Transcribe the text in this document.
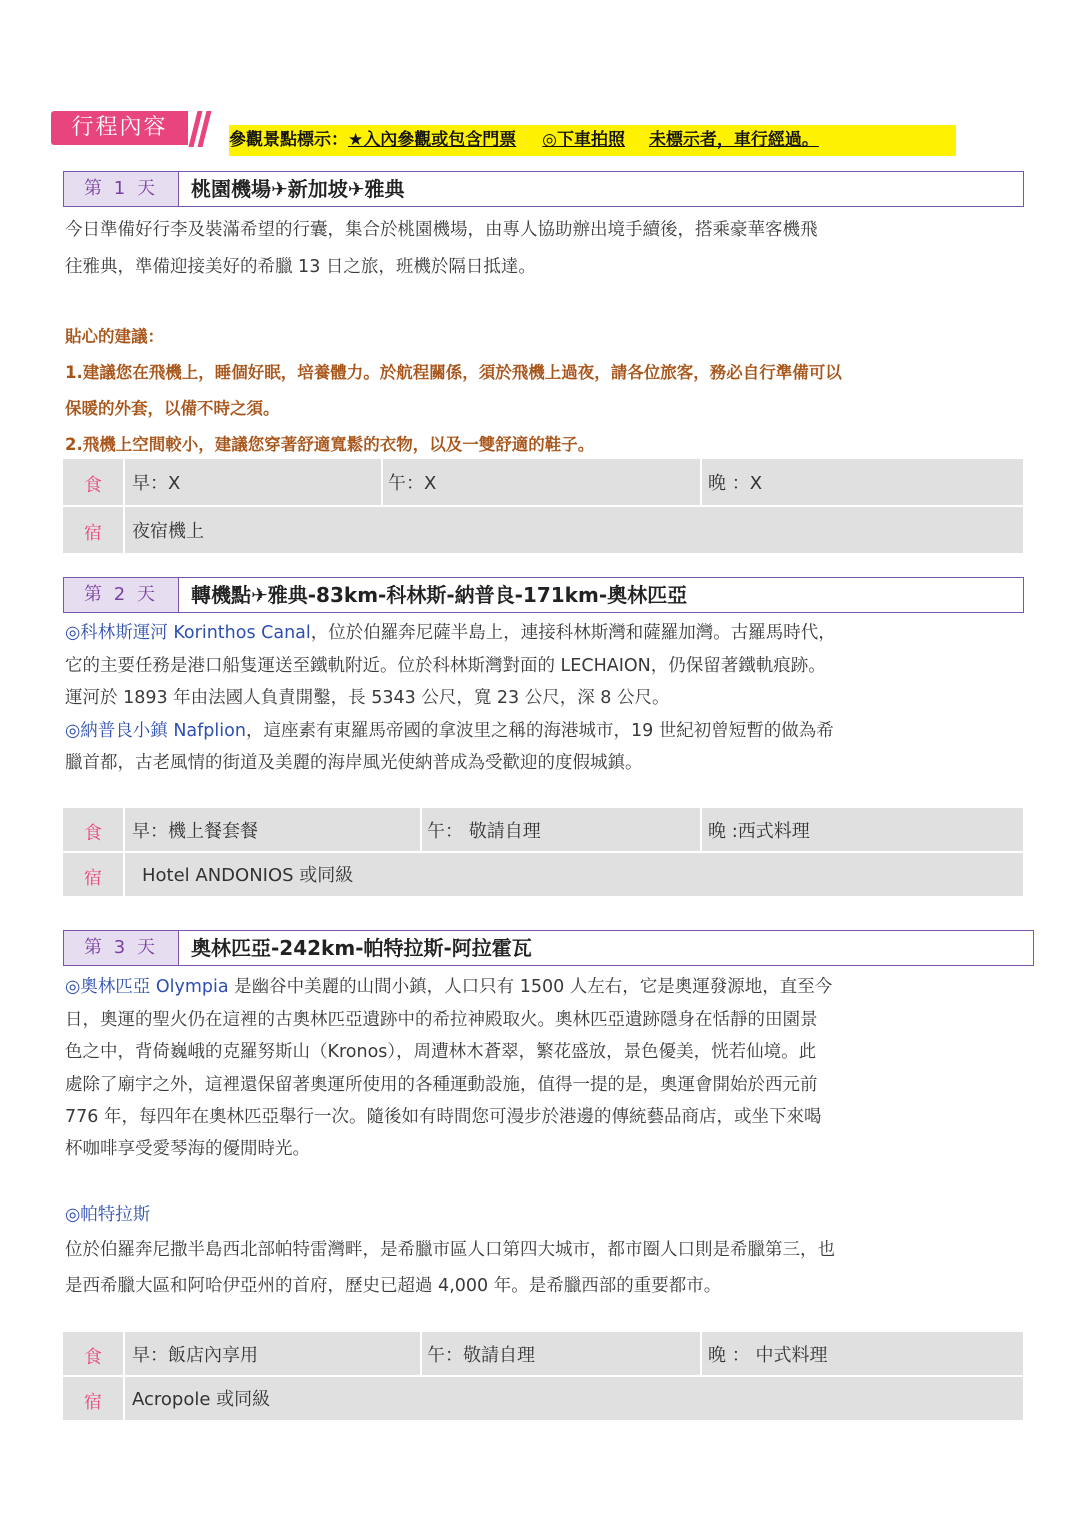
行程內容	參觀景點標示：★入內參觀或包含門票 ◎下車拍照 未標示者，車行經過。
第 1 天	桃園機場✈新加坡✈雅典
今日準備好行李及裝滿希望的行囊，集合於桃園機場，由專人協助辦出境手續後，搭乘豪華客機飛
往雅典，準備迎接美好的希臘 13 日之旅，班機於隔日抵達。
貼心的建議：
1.建議您在飛機上，睡個好眠，培養體力。於航程關係，須於飛機上過夜，請各位旅客，務必自行準備可以
保暖的外套，以備不時之須。
2.飛機上空間較小，建議您穿著舒適寬鬆的衣物，以及一雙舒適的鞋子。
食	早：X	午：X	晚 ：X
宿	夜宿機上
第 2 天	轉機點✈雅典-83km-科林斯-納普良-171km-奧林匹亞
◎科林斯運河 Korinthos Canal，位於伯羅奔尼薩半島上，連接科林斯灣和薩羅加灣。古羅馬時代，
它的主要任務是港口船隻運送至鐵軌附近。位於科林斯灣對面的 LECHAION，仍保留著鐵軌痕跡。
運河於 1893 年由法國人負責開鑿，長 5343 公尺，寬 23 公尺，深 8 公尺。
◎納普良小鎮 Nafplion，這座素有東羅馬帝國的拿波里之稱的海港城市，19 世紀初曾短暫的做為希
臘首都，古老風情的街道及美麗的海岸風光使納普成為受歡迎的度假城鎮。
食	早：機上餐套餐	午： 敬請自理	晚 :西式料理
宿	Hotel ANDONIOS 或同級
第 3 天	奧林匹亞-242km-帕特拉斯-阿拉霍瓦
◎奧林匹亞 Olympia 是幽谷中美麗的山間小鎮，人口只有 1500 人左右，它是奧運發源地，直至今
日，奧運的聖火仍在這裡的古奧林匹亞遺跡中的希拉神殿取火。奧林匹亞遺跡隱身在恬靜的田園景
色之中，背倚巍峨的克羅努斯山（Kronos），周遭林木蒼翠，繁花盛放，景色優美，恍若仙境。此
處除了廟宇之外，這裡還保留著奧運所使用的各種運動設施，值得一提的是，奧運會開始於西元前
776 年，每四年在奧林匹亞舉行一次。隨後如有時間您可漫步於港邊的傳統藝品商店，或坐下來喝
杯咖啡享受愛琴海的優閒時光。
◎帕特拉斯
位於伯羅奔尼撒半島西北部帕特雷灣畔，是希臘市區人口第四大城市，都市圈人口則是希臘第三，也
是西希臘大區和阿哈伊亞州的首府，歷史已超過 4,000 年。是希臘西部的重要都市。
食	早：飯店內享用	午：敬請自理	晚 ： 中式料理
宿	Acropole 或同級
